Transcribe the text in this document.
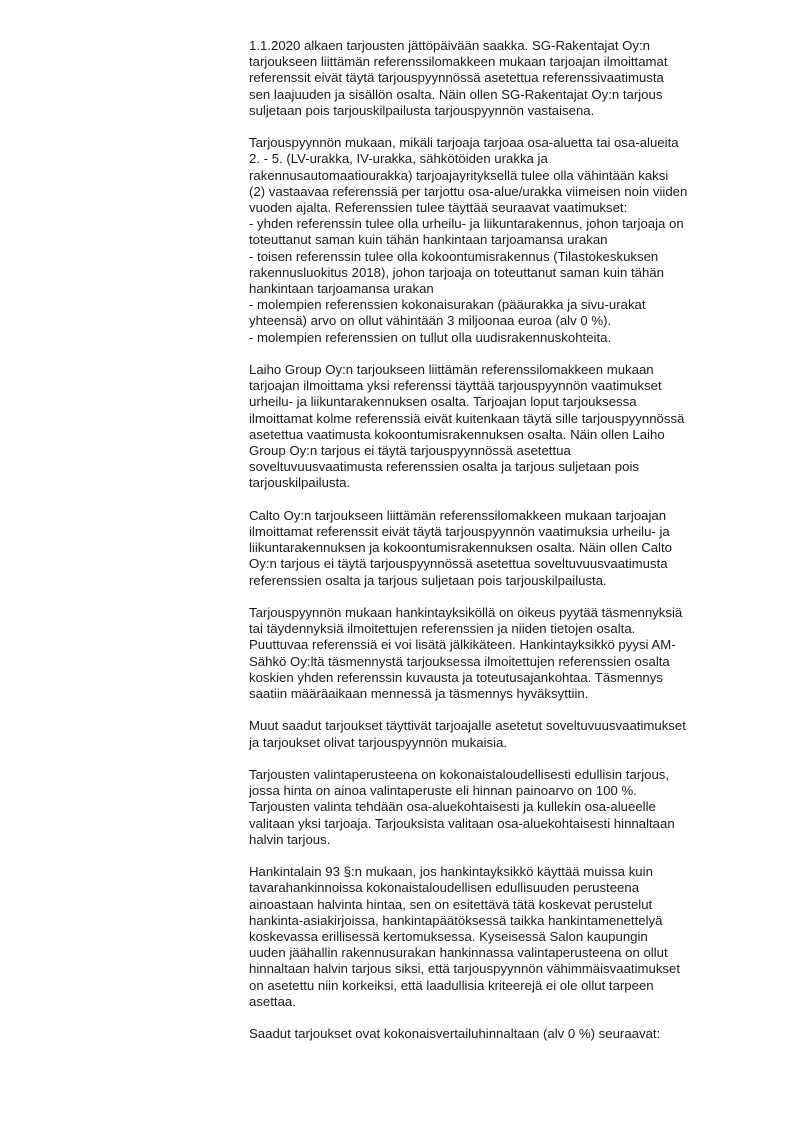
1.1.2020 alkaen tarjousten jättöpäivään saakka. SG-Rakentajat Oy:n
tarjoukseen liittämän referenssilomakkeen mukaan tarjoajan ilmoittamat
referenssit eivät täytä tarjouspyynnössä asetettua referenssivaatimusta
sen laajuuden ja sisällön osalta. Näin ollen SG-Rakentajat Oy:n tarjous
suljetaan pois tarjouskilpailusta tarjouspyynnön vastaisena.

Tarjouspyynnön mukaan, mikäli tarjoaja tarjoaa osa-aluetta tai osa-alueita
2. - 5. (LV-urakka, IV-urakka, sähkötöiden urakka ja
rakennusautomaatiourakka) tarjoajayrityksellä tulee olla vähintään kaksi
(2) vastaavaa referenssiä per tarjottu osa-alue/urakka viimeisen noin viiden
vuoden ajalta. Referenssien tulee täyttää seuraavat vaatimukset:
- yhden referenssin tulee olla urheilu- ja liikuntarakennus, johon tarjoaja on
toteuttanut saman kuin tähän hankintaan tarjoamansa urakan
- toisen referenssin tulee olla kokoontumisrakennus (Tilastokeskuksen
rakennusluokitus 2018), johon tarjoaja on toteuttanut saman kuin tähän
hankintaan tarjoamansa urakan
- molempien referenssien kokonaisurakan (pääurakka ja sivu-urakat
yhteensä) arvo on ollut vähintään 3 miljoonaa euroa (alv 0 %).
- molempien referenssien on tullut olla uudisrakennuskohteita.

Laiho Group Oy:n tarjoukseen liittämän referenssilomakkeen mukaan
tarjoajan ilmoittama yksi referenssi täyttää tarjouspyynnön vaatimukset
urheilu- ja liikuntarakennuksen osalta. Tarjoajan loput tarjouksessa
ilmoittamat kolme referenssiä eivät kuitenkaan täytä sille tarjouspyynnössä
asetettua vaatimusta kokoontumisrakennuksen osalta. Näin ollen Laiho
Group Oy:n tarjous ei täytä tarjouspyynnössä asetettua
soveltuvuusvaatimusta referenssien osalta ja tarjous suljetaan pois
tarjouskilpailusta.

Calto Oy:n tarjoukseen liittämän referenssilomakkeen mukaan tarjoajan
ilmoittamat referenssit eivät täytä tarjouspyynnön vaatimuksia urheilu- ja
liikuntarakennuksen ja kokoontumisrakennuksen osalta. Näin ollen Calto
Oy:n tarjous ei täytä tarjouspyynnössä asetettua soveltuvuusvaatimusta
referenssien osalta ja tarjous suljetaan pois tarjouskilpailusta.

Tarjouspyynnön mukaan hankintayksiköllä on oikeus pyytää täsmennyksiä
tai täydennyksiä ilmoitettujen referenssien ja niiden tietojen osalta.
Puuttuvaa referenssiä ei voi lisätä jälkikäteen. Hankintayksikkö pyysi AM-
Sähkö Oy:ltä täsmennystä tarjouksessa ilmoitettujen referenssien osalta
koskien yhden referenssin kuvausta ja toteutusajankohtaa. Täsmennys
saatiin määräaikaan mennessä ja täsmennys hyväksyttiin.

Muut saadut tarjoukset täyttivät tarjoajalle asetetut soveltuvuusvaatimukset
ja tarjoukset olivat tarjouspyynnön mukaisia.

Tarjousten valintaperusteena on kokonaistaloudellisesti edullisin tarjous,
jossa hinta on ainoa valintaperuste eli hinnan painoarvo on 100 %.
Tarjousten valinta tehdään osa-aluekohtaisesti ja kullekin osa-alueelle
valitaan yksi tarjoaja. Tarjouksista valitaan osa-aluekohtaisesti hinnaltaan
halvin tarjous.

Hankintalain 93 §:n mukaan, jos hankintayksikkö käyttää muissa kuin
tavarahankinnoissa kokonaistaloudellisen edullisuuden perusteena
ainoastaan halvinta hintaa, sen on esitettävä tätä koskevat perustelut
hankinta-asiakirjoissa, hankintapäätöksessä taikka hankintamenettelyä
koskevassa erillisessä kertomuksessa. Kyseisessä Salon kaupungin
uuden jäähallin rakennusurakan hankinnassa valintaperusteena on ollut
hinnaltaan halvin tarjous siksi, että tarjouspyynnön vähimmäisvaatimukset
on asetettu niin korkeiksi, että laadullisia kriteerejä ei ole ollut tarpeen
asettaa.

Saadut tarjoukset ovat kokonaisvertailuhinnaltaan (alv 0 %) seuraavat:
